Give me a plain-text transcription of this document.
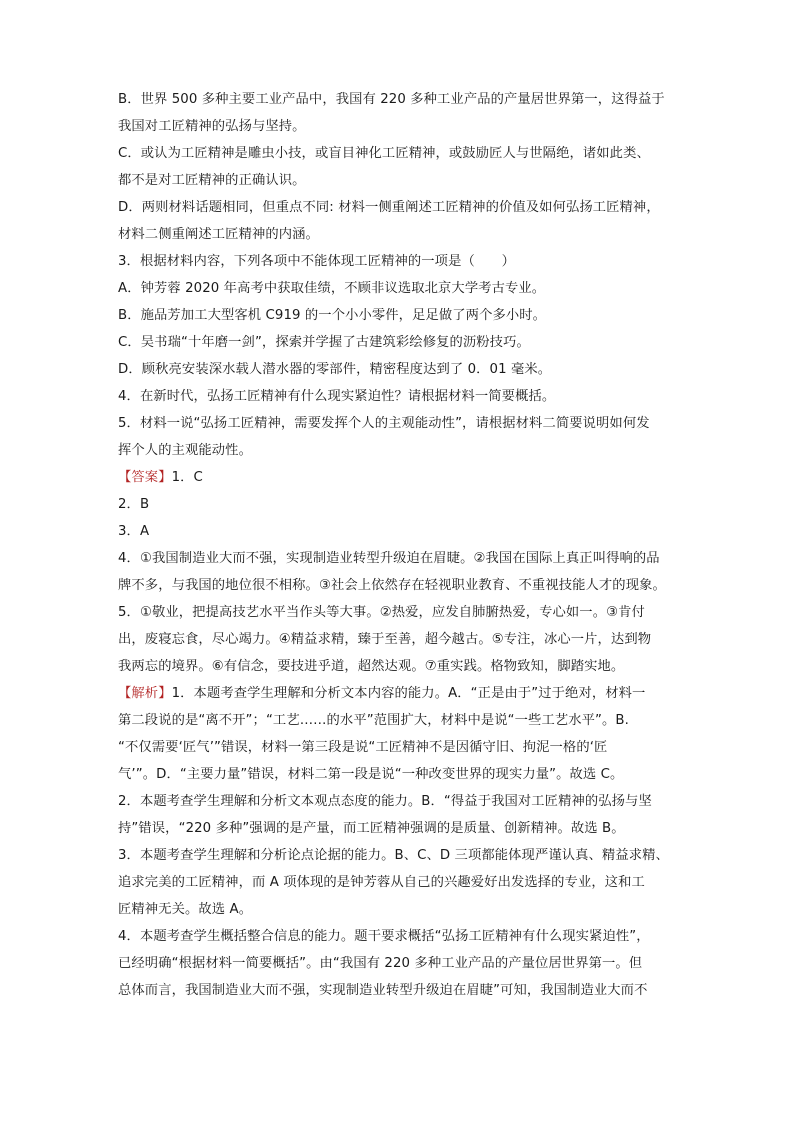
B．世界 500 多种主要工业产品中，我国有 220 多种工业产品的产量居世界第一，这得益于
我国对工匠精神的弘扬与坚持。
C．或认为工匠精神是雕虫小技，或盲目神化工匠精神，或鼓励匠人与世隔绝，诸如此类、
都不是对工匠精神的正确认识。
D．两则材料话题相同，但重点不同: 材料一侧重阐述工匠精神的价值及如何弘扬工匠精神，
材料二侧重阐述工匠精神的内涵。
3．根据材料内容，下列各项中不能体现工匠精神的一项是（　　）
A．钟芳蓉 2020 年高考中获取佳绩，不顾非议选取北京大学考古专业。
B．施品芳加工大型客机 C919 的一个小小零件，足足做了两个多小时。
C．吴书瑞“十年磨一剑”，探索并学握了古建筑彩绘修复的沥粉技巧。
D．顾秋亮安装深水载人潜水器的零部件，精密程度达到了 0．01 毫米。
4．在新时代，弘扬工匠精神有什么现实紧迫性？请根据材料一简要概括。
5．材料一说“弘扬工匠精神，需要发挥个人的主观能动性”，请根据材料二简要说明如何发
挥个人的主观能动性。
【答案】1．C
2．B
3．A
4．①我国制造业大而不强，实现制造业转型升级迫在眉睫。②我国在国际上真正叫得响的品
牌不多，与我国的地位很不相称。③社会上依然存在轻视职业教育、不重视技能人才的现象。
5．①敬业，把提高技艺水平当作头等大事。②热爱，应发自肺腑热爱，专心如一。③肯付
出，废寝忘食，尽心竭力。④精益求精，臻于至善，超今越古。⑤专注，冰心一片，达到物
我两忘的境界。⑥有信念，要技进乎道，超然达观。⑦重实践。格物致知，脚踏实地。
【解析】1．本题考查学生理解和分析文本内容的能力。A．“正是由于”过于绝对，材料一
第二段说的是“离不开”；“工艺……的水平”范围扩大，材料中是说“一些工艺水平”。B.
“不仅需要‘匠气’”错误，材料一第三段是说“工匠精神不是因循守旧、拘泥一格的‘匠
气’”。D．“主要力量”错误，材料二第一段是说“一种改变世界的现实力量”。故选 C。
2．本题考查学生理解和分析文本观点态度的能力。B．“得益于我国对工匠精神的弘扬与坚
持”错误，“220 多种”强调的是产量，而工匠精神强调的是质量、创新精神。故选 B。
3．本题考查学生理解和分析论点论据的能力。B、C、D 三项都能体现严谨认真、精益求精、
追求完美的工匠精神，而 A 项体现的是钟芳蓉从自己的兴趣爱好出发选择的专业，这和工
匠精神无关。故选 A。
4．本题考查学生概括整合信息的能力。题干要求概括“弘扬工匠精神有什么现实紧迫性”，
已经明确“根据材料一简要概括”。由“我国有 220 多种工业产品的产量位居世界第一。但
总体而言，我国制造业大而不强，实现制造业转型升级迫在眉睫”可知，我国制造业大而不
